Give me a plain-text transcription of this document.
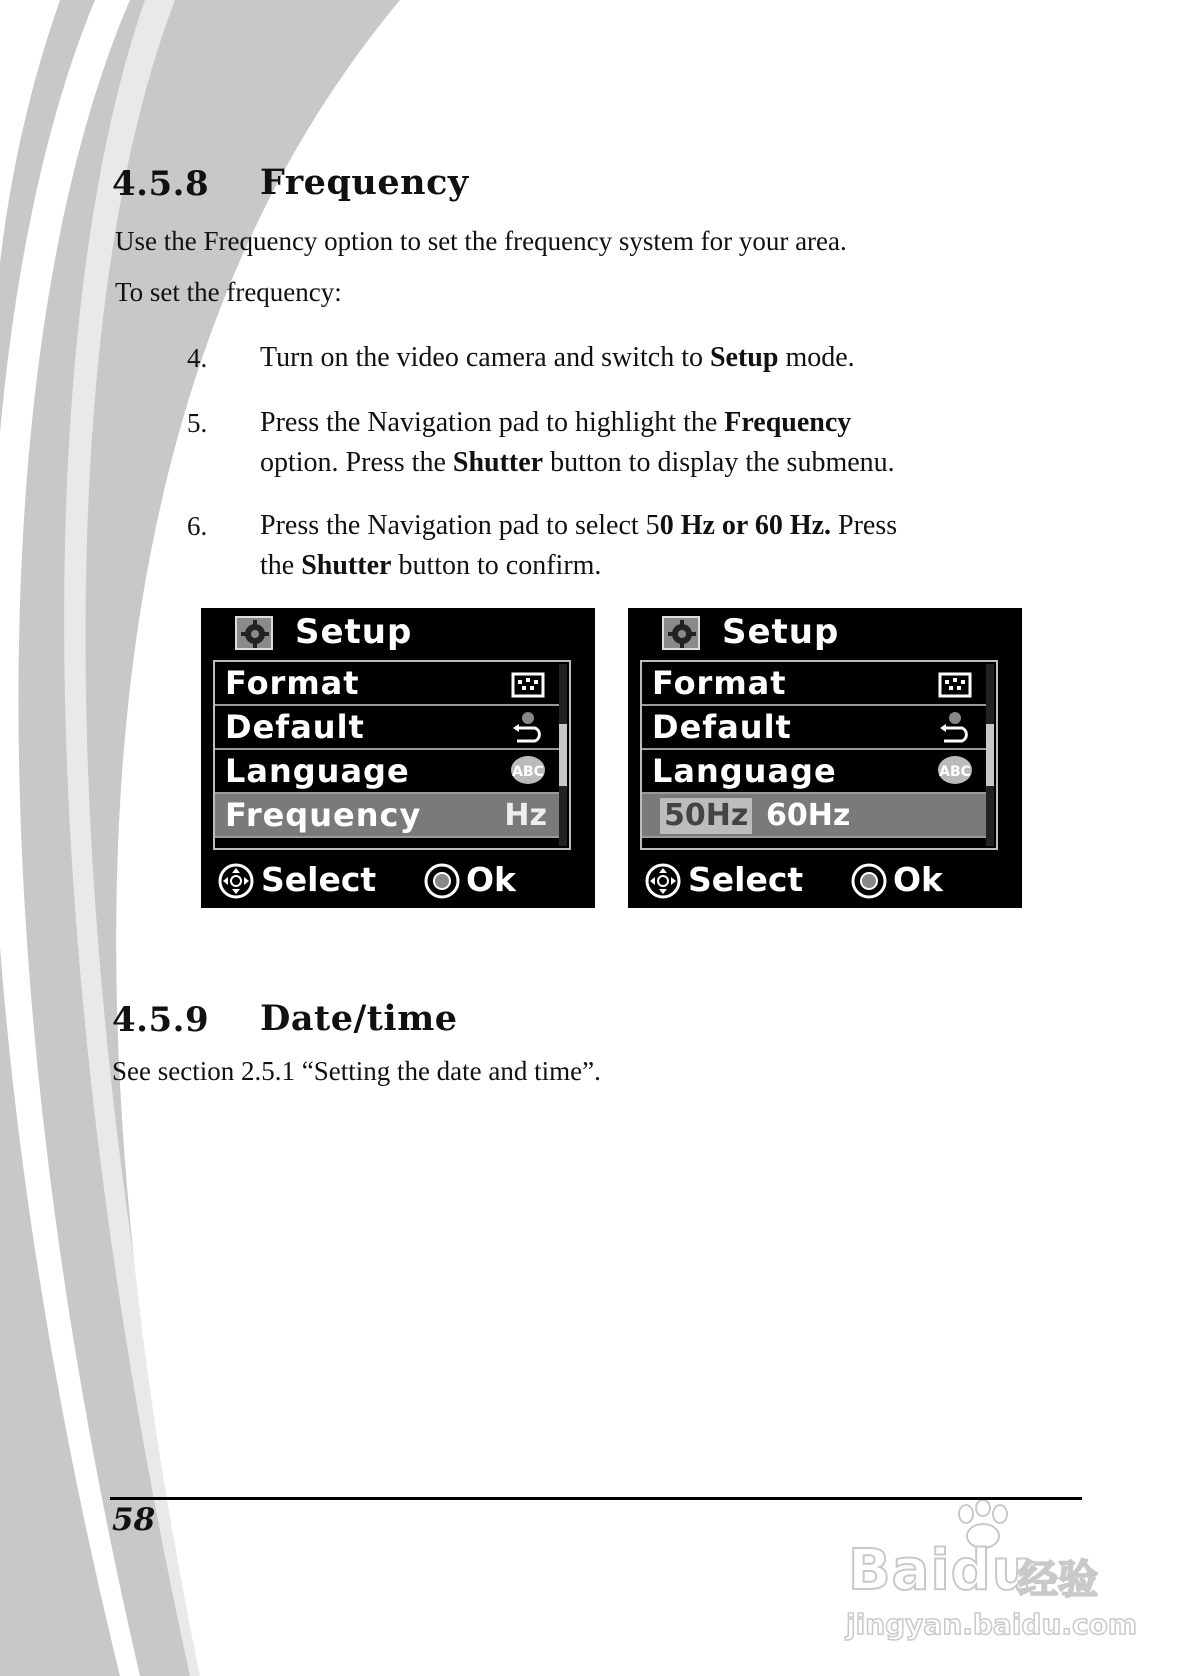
4.5.8 Frequency
Use the Frequency option to set the frequency system for your area.
To set the frequency:
4. Turn on the video camera and switch to Setup mode.
5. Press the Navigation pad to highlight the Frequency
option. Press the Shutter button to display the submenu.
6. Press the Navigation pad to select 50 Hz or 60 Hz. Press
the Shutter button to confirm.
Setup
Format
Default
Language	ABC
Frequency	Hz
Select	Ok
Setup
Format
Default
Language	ABC
50Hz 60Hz
Select	Ok
4.5.9 Date/time
See section 2.5.1 “Setting the date and time”.
58
Baidu
经验
jingyan.baidu.com
